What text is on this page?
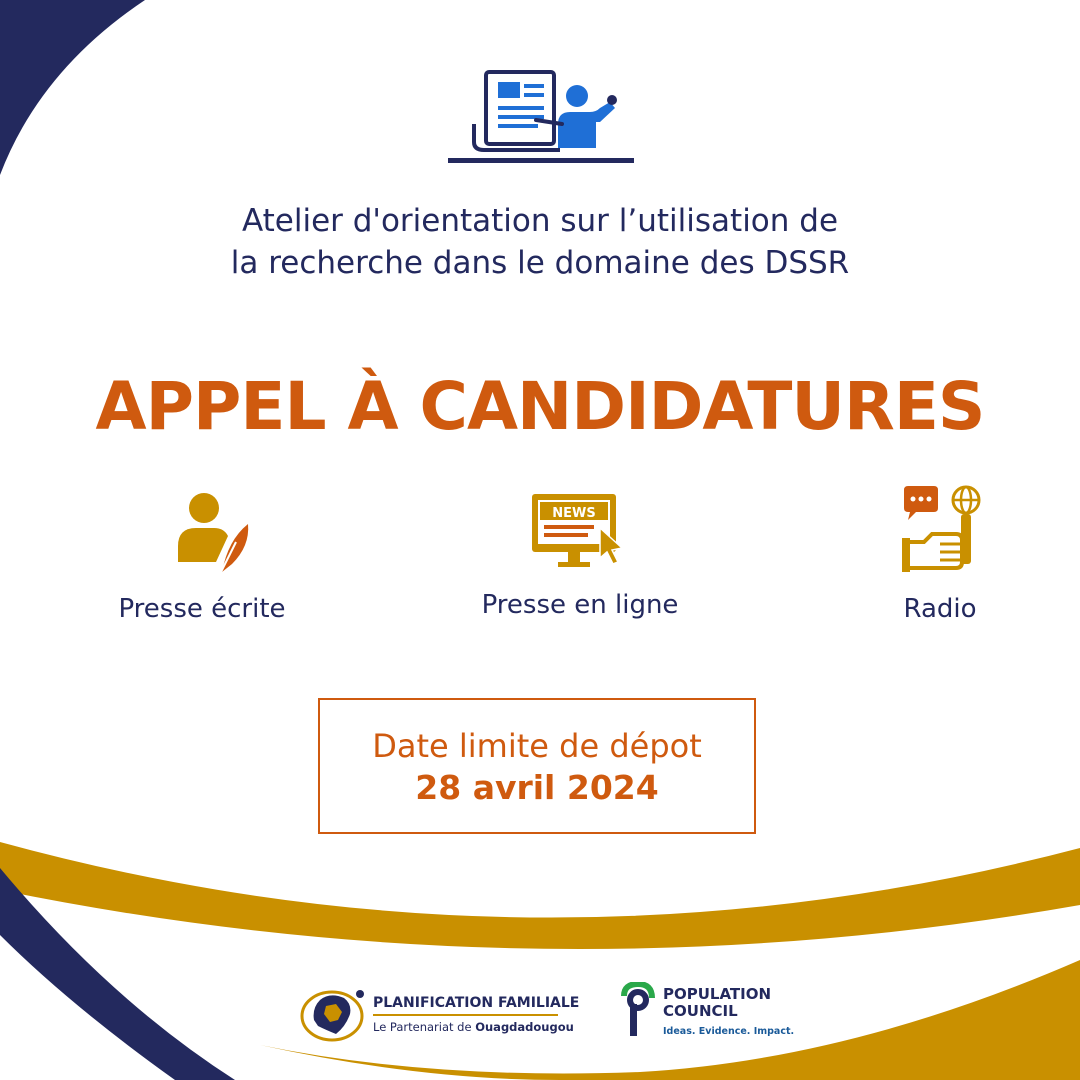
Atelier d'orientation sur l’utilisation de
la recherche dans le domaine des DSSR
APPEL À CANDIDATURES
Presse écrite
NEWS
Presse en ligne	Radio
Date limite de dépot
28 avril 2024
PLANIFICATION FAMILIALE
Le Partenariat de Ouagdadougou
POPULATION
COUNCIL
Ideas. Evidence. Impact.
